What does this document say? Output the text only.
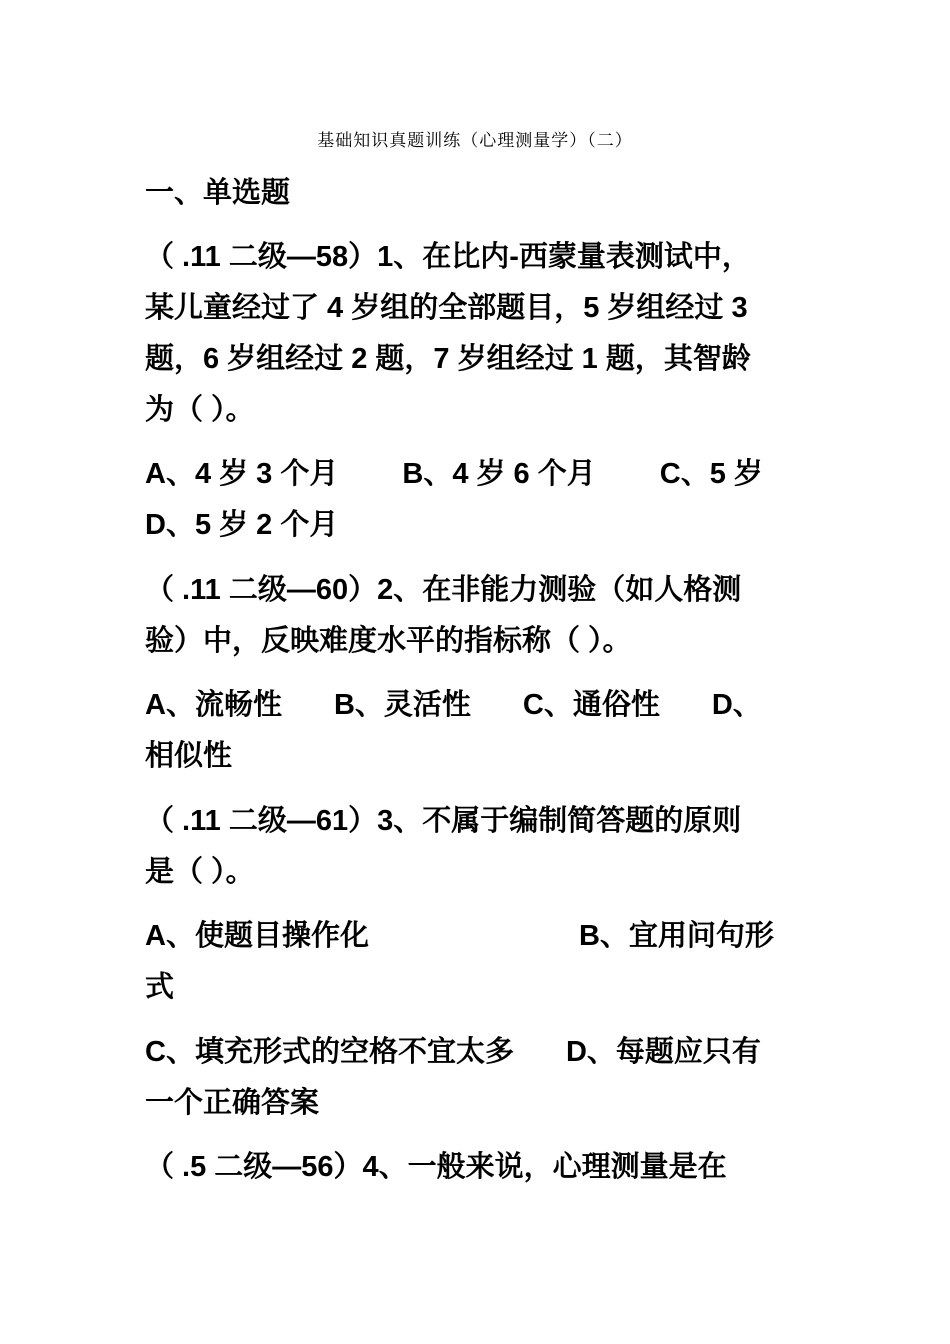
基础知识真题训练（心理测量学）（二）
一、单选题
（ .11 二级—58）1、在比内-西蒙量表测试中，
某儿童经过了 4 岁组的全部题目，5 岁组经过 3
题，6 岁组经过 2 题，7 岁组经过 1 题，其智龄
为（ ）。
A、4 岁 3 个月 B、4 岁 6 个月 C、5 岁
D、5 岁 2 个月
（ .11 二级—60）2、在非能力测验（如人格测
验）中，反映难度水平的指标称（ ）。
A、流畅性 B、灵活性 C、通俗性 D、
相似性
（ .11 二级—61）3、不属于编制简答题的原则
是（ ）。
A、使题目操作化	B、宜用问句形
式
C、填充形式的空格不宜太多 D、每题应只有
一个正确答案
（ .5 二级—56）4、一般来说，心理测量是在
